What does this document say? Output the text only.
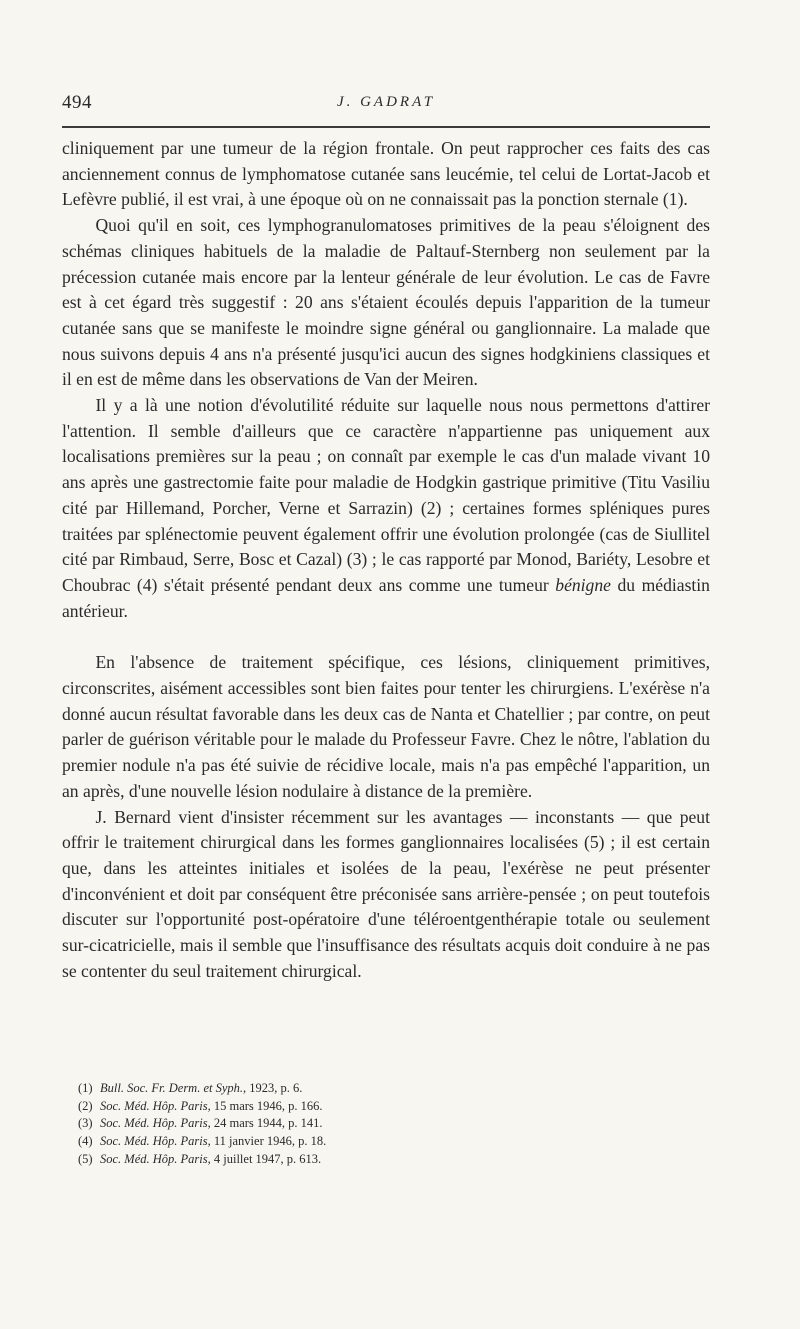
494	J. GADRAT

cliniquement par une tumeur de la région frontale. On peut rapprocher ces faits des cas anciennement connus de lymphomatose cutanée sans leucémie, tel celui de Lortat-Jacob et Lefèvre publié, il est vrai, à une époque où on ne connaissait pas la ponction sternale (1).

Quoi qu'il en soit, ces lymphogranulomatoses primitives de la peau s'éloignent des schémas cliniques habituels de la maladie de Paltauf-Sternberg non seulement par la précession cutanée mais encore par la lenteur générale de leur évolution. Le cas de Favre est à cet égard très suggestif : 20 ans s'étaient écoulés depuis l'apparition de la tumeur cutanée sans que se manifeste le moindre signe général ou ganglionnaire. La malade que nous suivons depuis 4 ans n'a présenté jusqu'ici aucun des signes hodgkiniens classiques et il en est de même dans les observations de Van der Meiren.

Il y a là une notion d'évolutilité réduite sur laquelle nous nous permettons d'attirer l'attention. Il semble d'ailleurs que ce caractère n'appartienne pas uniquement aux localisations premières sur la peau ; on connaît par exemple le cas d'un malade vivant 10 ans après une gastrectomie faite pour maladie de Hodgkin gastrique primitive (Titu Vasiliu cité par Hillemand, Porcher, Verne et Sarrazin) (2) ; certaines formes spléniques pures traitées par splénectomie peuvent également offrir une évolution prolongée (cas de Siullitel cité par Rimbaud, Serre, Bosc et Cazal) (3) ; le cas rapporté par Monod, Bariéty, Lesobre et Choubrac (4) s'était présenté pendant deux ans comme une tumeur bénigne du médiastin antérieur.

En l'absence de traitement spécifique, ces lésions, cliniquement primitives, circonscrites, aisément accessibles sont bien faites pour tenter les chirurgiens. L'exérèse n'a donné aucun résultat favorable dans les deux cas de Nanta et Chatellier ; par contre, on peut parler de guérison véritable pour le malade du Professeur Favre. Chez le nôtre, l'ablation du premier nodule n'a pas été suivie de récidive locale, mais n'a pas empêché l'apparition, un an après, d'une nouvelle lésion nodulaire à distance de la première.

J. Bernard vient d'insister récemment sur les avantages — inconstants — que peut offrir le traitement chirurgical dans les formes ganglionnaires localisées (5) ; il est certain que, dans les atteintes initiales et isolées de la peau, l'exérèse ne peut présenter d'inconvénient et doit par conséquent être préconisée sans arrière-pensée ; on peut toutefois discuter sur l'opportunité post-opératoire d'une téléroentgenthérapie totale ou seulement sur-cicatricielle, mais il semble que l'insuffisance des résultats acquis doit conduire à ne pas se contenter du seul traitement chirurgical.

(1) Bull. Soc. Fr. Derm. et Syph., 1923, p. 6.
(2) Soc. Méd. Hôp. Paris, 15 mars 1946, p. 166.
(3) Soc. Méd. Hôp. Paris, 24 mars 1944, p. 141.
(4) Soc. Méd. Hôp. Paris, 11 janvier 1946, p. 18.
(5) Soc. Méd. Hôp. Paris, 4 juillet 1947, p. 613.
